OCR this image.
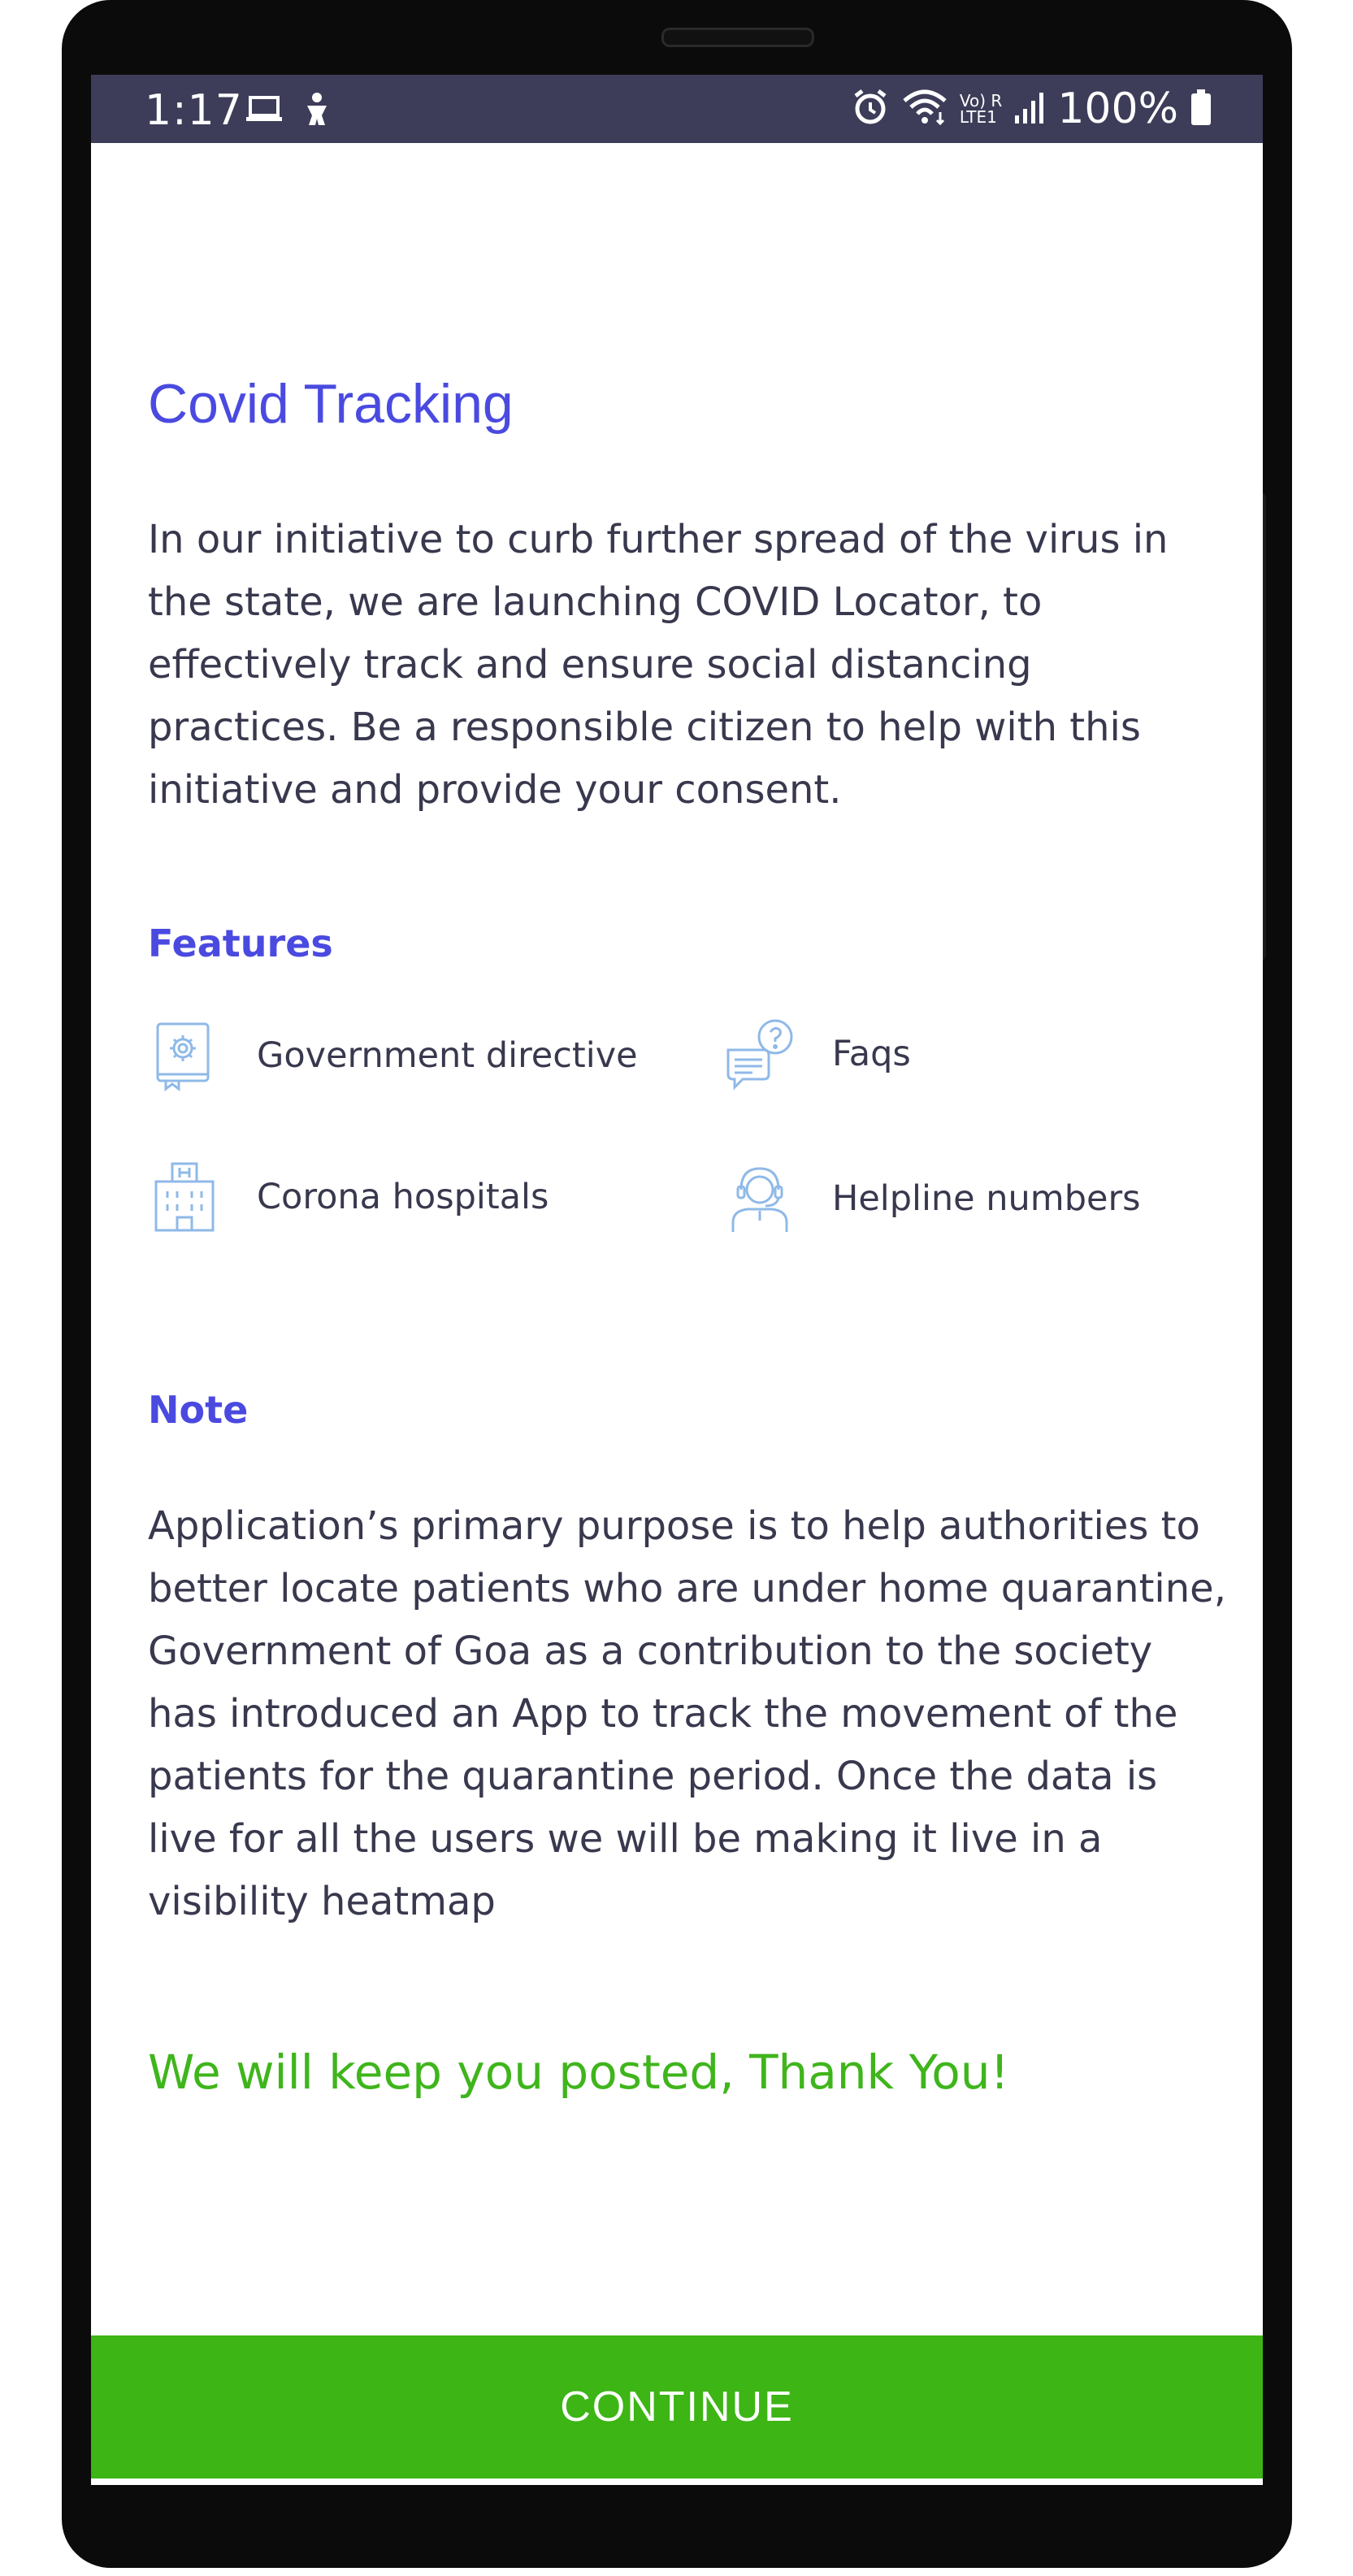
1:17	Vo) R
LTE1 100%
Covid Tracking
In our initiative to curb further spread of the virus in the state, we are launching COVID Locator, to effectively track and ensure social distancing practices. Be a responsible citizen to help with this initiative and provide your consent.
Features
Government directive	Faqs
Corona hospitals	Helpline numbers
Note
Application’s primary purpose is to help authorities to better locate patients who are under home quarantine, Government of Goa as a contribution to the society has introduced an App to track the movement of the patients for the quarantine period. Once the data is live for all the users we will be making it live in a visibility heatmap
We will keep you posted, Thank You!
CONTINUE
